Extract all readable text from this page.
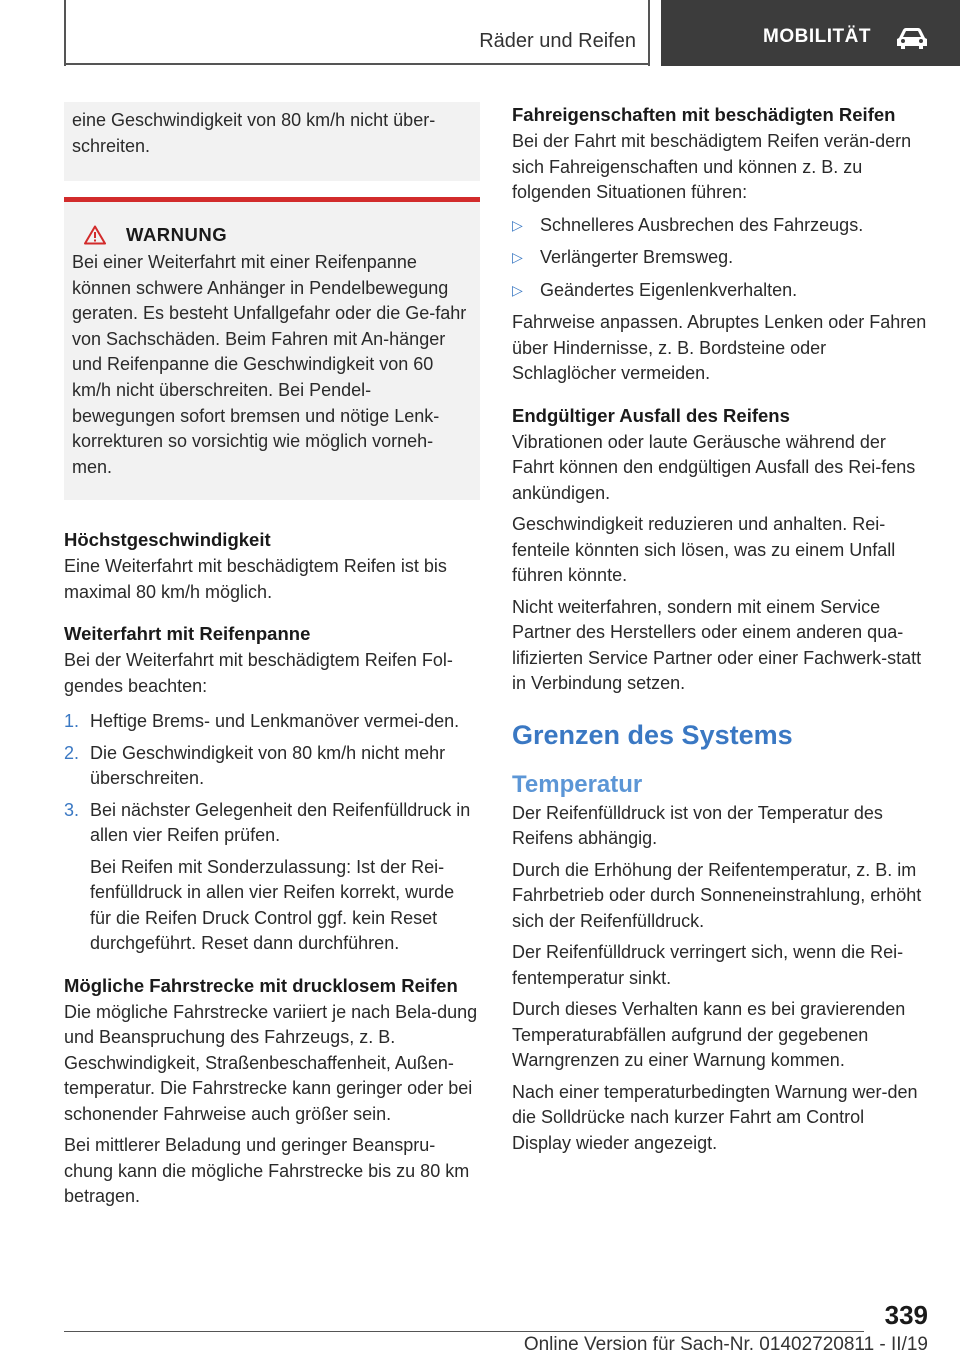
Räder und Reifen	MOBILITÄT

eine Geschwindigkeit von 80 km/h nicht über-schreiten.

WARNUNG

Bei einer Weiterfahrt mit einer Reifenpanne können schwere Anhänger in Pendelbewegung geraten. Es besteht Unfallgefahr oder die Ge-fahr von Sachschäden. Beim Fahren mit An-hänger und Reifenpanne die Geschwindigkeit von 60 km/h nicht überschreiten. Bei Pendel-bewegungen sofort bremsen und nötige Lenk-korrekturen so vorsichtig wie möglich vorneh-men.

Höchstgeschwindigkeit

Eine Weiterfahrt mit beschädigtem Reifen ist bis maximal 80 km/h möglich.

Weiterfahrt mit Reifenpanne

Bei der Weiterfahrt mit beschädigtem Reifen Fol-gendes beachten:

1. Heftige Brems- und Lenkmanöver vermei-den.
2. Die Geschwindigkeit von 80 km/h nicht mehr überschreiten.
3. Bei nächster Gelegenheit den Reifenfülldruck in allen vier Reifen prüfen.
Bei Reifen mit Sonderzulassung: Ist der Rei-fenfülldruck in allen vier Reifen korrekt, wurde für die Reifen Druck Control ggf. kein Reset durchgeführt. Reset dann durchführen.
Mögliche Fahrstrecke mit drucklosem Reifen

Die mögliche Fahrstrecke variiert je nach Bela-dung und Beanspruchung des Fahrzeugs, z. B. Geschwindigkeit, Straßenbeschaffenheit, Außen-temperatur. Die Fahrstrecke kann geringer oder bei schonender Fahrweise auch größer sein.

Bei mittlerer Beladung und geringer Beanspru-chung kann die mögliche Fahrstrecke bis zu 80 km betragen.

Fahreigenschaften mit beschädigten Reifen

Bei der Fahrt mit beschädigtem Reifen verän-dern sich Fahreigenschaften und können z. B. zu folgenden Situationen führen:

▷ Schnelleres Ausbrechen des Fahrzeugs.
▷ Verlängerter Bremsweg.
▷ Geändertes Eigenlenkverhalten.

Fahrweise anpassen. Abruptes Lenken oder Fahren über Hindernisse, z. B. Bordsteine oder Schlaglöcher vermeiden.

Endgültiger Ausfall des Reifens

Vibrationen oder laute Geräusche während der Fahrt können den endgültigen Ausfall des Rei-fens ankündigen.

Geschwindigkeit reduzieren und anhalten. Rei-fenteile könnten sich lösen, was zu einem Unfall führen könnte.

Nicht weiterfahren, sondern mit einem Service Partner des Herstellers oder einem anderen qua-lifizierten Service Partner oder einer Fachwerk-statt in Verbindung setzen.

Grenzen des Systems
Temperatur

Der Reifenfülldruck ist von der Temperatur des Reifens abhängig.

Durch die Erhöhung der Reifentemperatur, z. B. im Fahrbetrieb oder durch Sonneneinstrahlung, erhöht sich der Reifenfülldruck.

Der Reifenfülldruck verringert sich, wenn die Rei-fentemperatur sinkt.

Durch dieses Verhalten kann es bei gravierenden Temperaturabfällen aufgrund der gegebenen Warngrenzen zu einer Warnung kommen.

Nach einer temperaturbedingten Warnung wer-den die Solldrücke nach kurzer Fahrt am Control Display wieder angezeigt.

339
Online Version für Sach-Nr. 01402720811 - II/19
